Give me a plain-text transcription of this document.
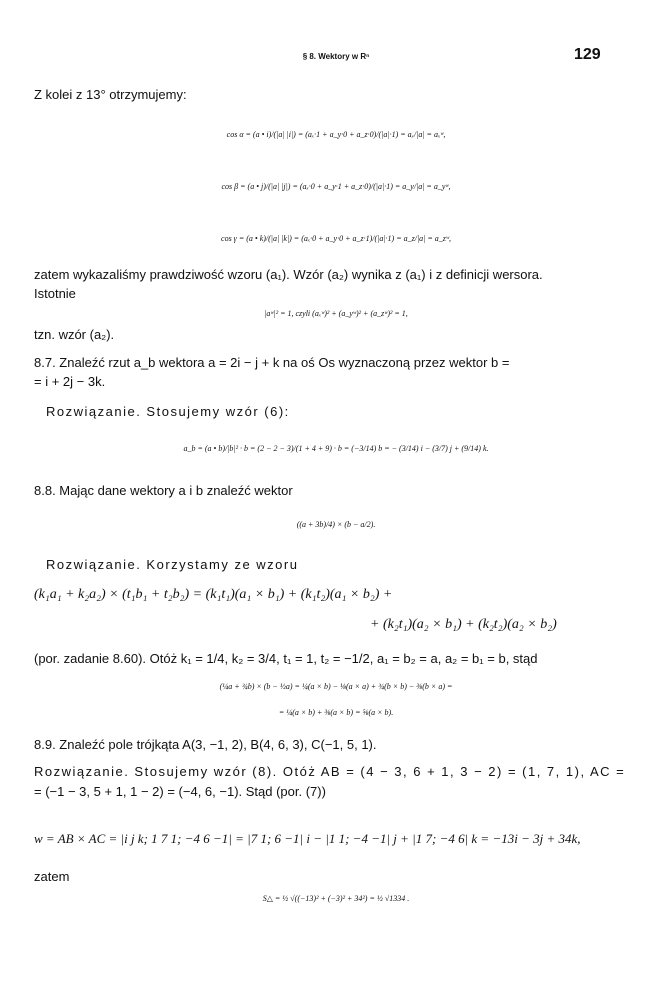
§ 8. Wektory w Rⁿ	129
Z kolei z 13° otrzymujemy:
cos α = (a • i)/(|a| |i|) = (aₓ·1 + a_y·0 + a_z·0)/(|a|·1) = aₓ/|a| = aₓʷ,
cos β = (a • j)/(|a| |j|) = (aₓ·0 + a_y·1 + a_z·0)/(|a|·1) = a_y/|a| = a_yʷ,
cos γ = (a • k)/(|a| |k|) = (aₓ·0 + a_y·0 + a_z·1)/(|a|·1) = a_z/|a| = a_zʷ,
zatem wykazaliśmy prawdziwość wzoru (a₁). Wzór (a₂) wynika z (a₁) i z definicji wersora.
Istotnie
|aʷ|² = 1, czyli (aₓʷ)² + (a_yʷ)² + (a_zʷ)² = 1,
tzn. wzór (a₂).
8.7. Znaleźć rzut a_b wektora a = 2i − j + k na oś Os wyznaczoną przez wektor b =
= i + 2j − 3k.
Rozwiązanie. Stosujemy wzór (6):
a_b = (a • b)/|b|² · b = (2 − 2 − 3)/(1 + 4 + 9) · b = (−3/14) b = − (3/14) i − (3/7) j + (9/14) k.
8.8. Mając dane wektory a i b znaleźć wektor
((a + 3b)/4) × (b − a/2).
Rozwiązanie. Korzystamy ze wzoru
(k₁a₁ + k₂a₂) × (t₁b₁ + t₂b₂) = (k₁t₁)(a₁ × b₁) + (k₁t₂)(a₁ × b₂) +
+ (k₂t₁)(a₂ × b₁) + (k₂t₂)(a₂ × b₂)
(por. zadanie 8.60). Otóż k₁ = 1/4, k₂ = 3/4, t₁ = 1, t₂ = −1/2, a₁ = b₂ = a, a₂ = b₁ = b, stąd
(¼a + ¾b) × (b − ½a) = ¼(a × b) − ⅛(a × a) + ¾(b × b) − ⅜(b × a) =
= ¼(a × b) + ⅜(a × b) = ⅝(a × b).
8.9. Znaleźć pole trójkąta A(3, −1, 2), B(4, 6, 3), C(−1, 5, 1).
Rozwiązanie. Stosujemy wzór (8). Otóż AB = (4 − 3, 6 + 1, 3 − 2) = (1, 7, 1), AC =
= (−1 − 3, 5 + 1, 1 − 2) = (−4, 6, −1). Stąd (por. (7))
w = AB × AC = |i j k; 1 7 1; −4 6 −1| = |7 1; 6 −1| i − |1 1; −4 −1| j + |1 7; −4 6| k = −13i − 3j + 34k,
zatem
S△ = ½ √((−13)² + (−3)² + 34²) = ½ √1334 .
